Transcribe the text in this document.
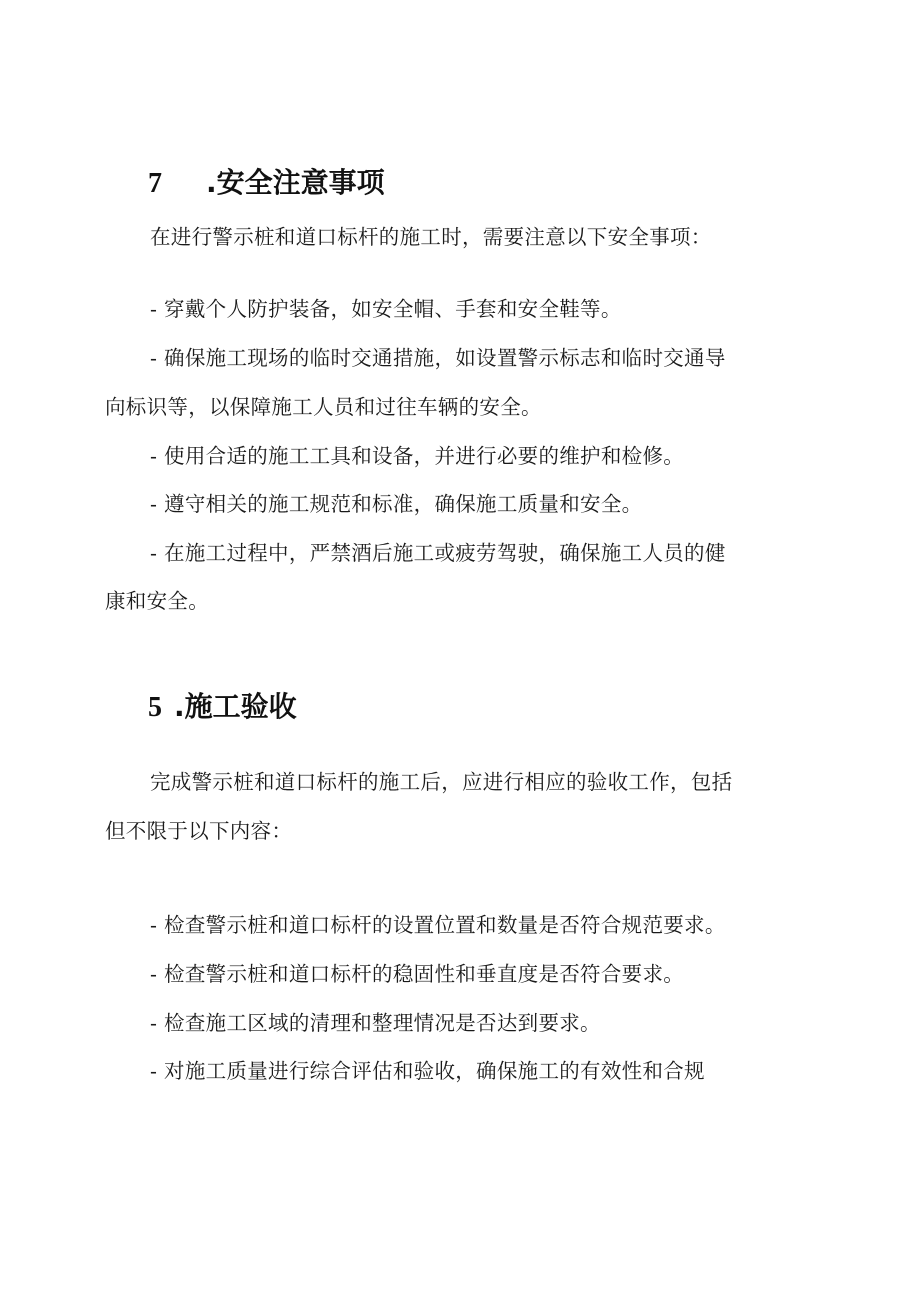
7 .安全注意事项
在进行警示桩和道口标杆的施工时，需要注意以下安全事项：
- 穿戴个人防护装备，如安全帽、手套和安全鞋等。
- 确保施工现场的临时交通措施，如设置警示标志和临时交通导
向标识等，以保障施工人员和过往车辆的安全。
- 使用合适的施工工具和设备，并进行必要的维护和检修。
- 遵守相关的施工规范和标准，确保施工质量和安全。
- 在施工过程中，严禁酒后施工或疲劳驾驶，确保施工人员的健
康和安全。
5 .施工验收
完成警示桩和道口标杆的施工后，应进行相应的验收工作，包括
但不限于以下内容：
- 检查警示桩和道口标杆的设置位置和数量是否符合规范要求。
- 检查警示桩和道口标杆的稳固性和垂直度是否符合要求。
- 检查施工区域的清理和整理情况是否达到要求。
- 对施工质量进行综合评估和验收，确保施工的有效性和合规
